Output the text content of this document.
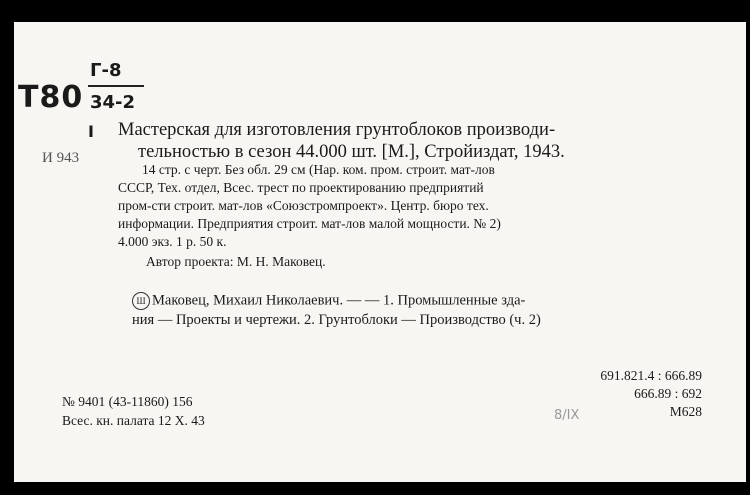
Г-8
Т80 34-2
I
И 943
Мастерская для изготовления грунтоблоков производи-
тельностью в сезон 44.000 шт. [М.], Стройиздат, 1943.
14 стр. с черт. Без обл. 29 см (Нар. ком. пром. строит. мат-лов
СССР, Тех. отдел, Всес. трест по проектированию предприятий
пром-сти строит. мат-лов «Союзстромпроект». Центр. бюро тех.
информации. Предприятия строит. мат-лов малой мощности. № 2)
4.000 экз. 1 р. 50 к.
Автор проекта: М. Н. Маковец.
Ш Маковец, Михаил Николаевич. — — 1. Промышленные зда-
ния — Проекты и чертежи. 2. Грунтоблоки — Производство (ч. 2)
№ 9401 (43-11860) 156
Всес. кн. палата 12 X. 43
691.821.4 : 666.89
666.89 : 692
М628
8/IX
